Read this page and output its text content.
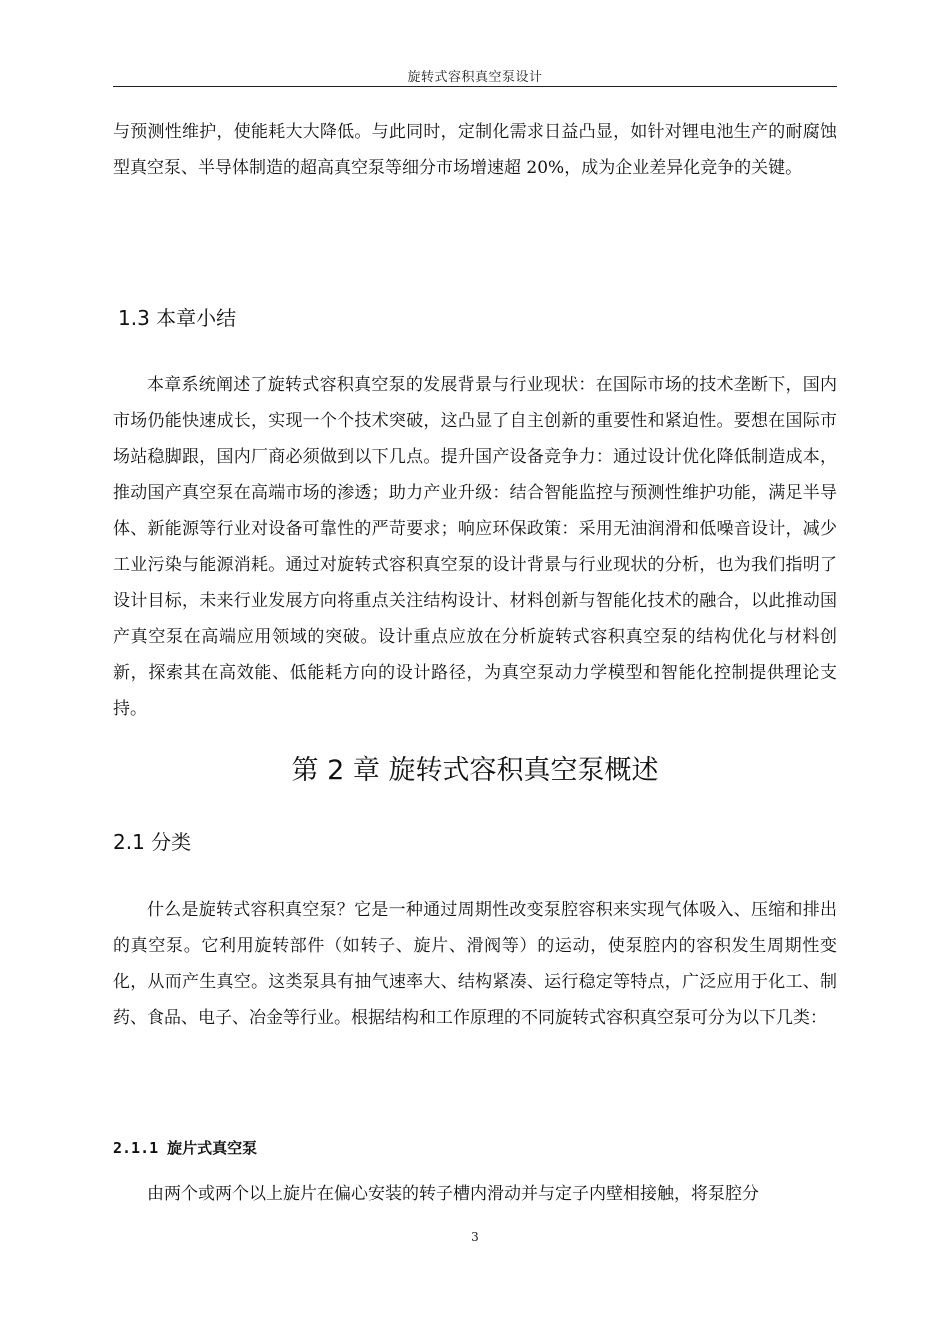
旋转式容积真空泵设计

与预测性维护，使能耗大大降低。与此同时，定制化需求日益凸显，如针对锂电池生产的耐腐蚀型真空泵、半导体制造的超高真空泵等细分市场增速超 20%，成为企业差异化竞争的关键。

1.3 本章小结

本章系统阐述了旋转式容积真空泵的发展背景与行业现状：在国际市场的技术垄断下，国内市场仍能快速成长，实现一个个技术突破，这凸显了自主创新的重要性和紧迫性。要想在国际市场站稳脚跟，国内厂商必须做到以下几点。提升国产设备竞争力：通过设计优化降低制造成本，推动国产真空泵在高端市场的渗透；助力产业升级：结合智能监控与预测性维护功能，满足半导体、新能源等行业对设备可靠性的严苛要求；响应环保政策：采用无油润滑和低噪音设计，减少工业污染与能源消耗。通过对旋转式容积真空泵的设计背景与行业现状的分析，也为我们指明了设计目标，未来行业发展方向将重点关注结构设计、材料创新与智能化技术的融合，以此推动国产真空泵在高端应用领域的突破。设计重点应放在分析旋转式容积真空泵的结构优化与材料创新，探索其在高效能、低能耗方向的设计路径，为真空泵动力学模型和智能化控制提供理论支持。

第 2 章 旋转式容积真空泵概述
2.1 分类

什么是旋转式容积真空泵？它是一种通过周期性改变泵腔容积来实现气体吸入、压缩和排出的真空泵。它利用旋转部件（如转子、旋片、滑阀等）的运动，使泵腔内的容积发生周期性变化，从而产生真空。这类泵具有抽气速率大、结构紧凑、运行稳定等特点，广泛应用于化工、制药、食品、电子、冶金等行业。根据结构和工作原理的不同旋转式容积真空泵可分为以下几类：

2.1.1 旋片式真空泵

由两个或两个以上旋片在偏心安装的转子槽内滑动并与定子内壁相接触，将泵腔分

3
